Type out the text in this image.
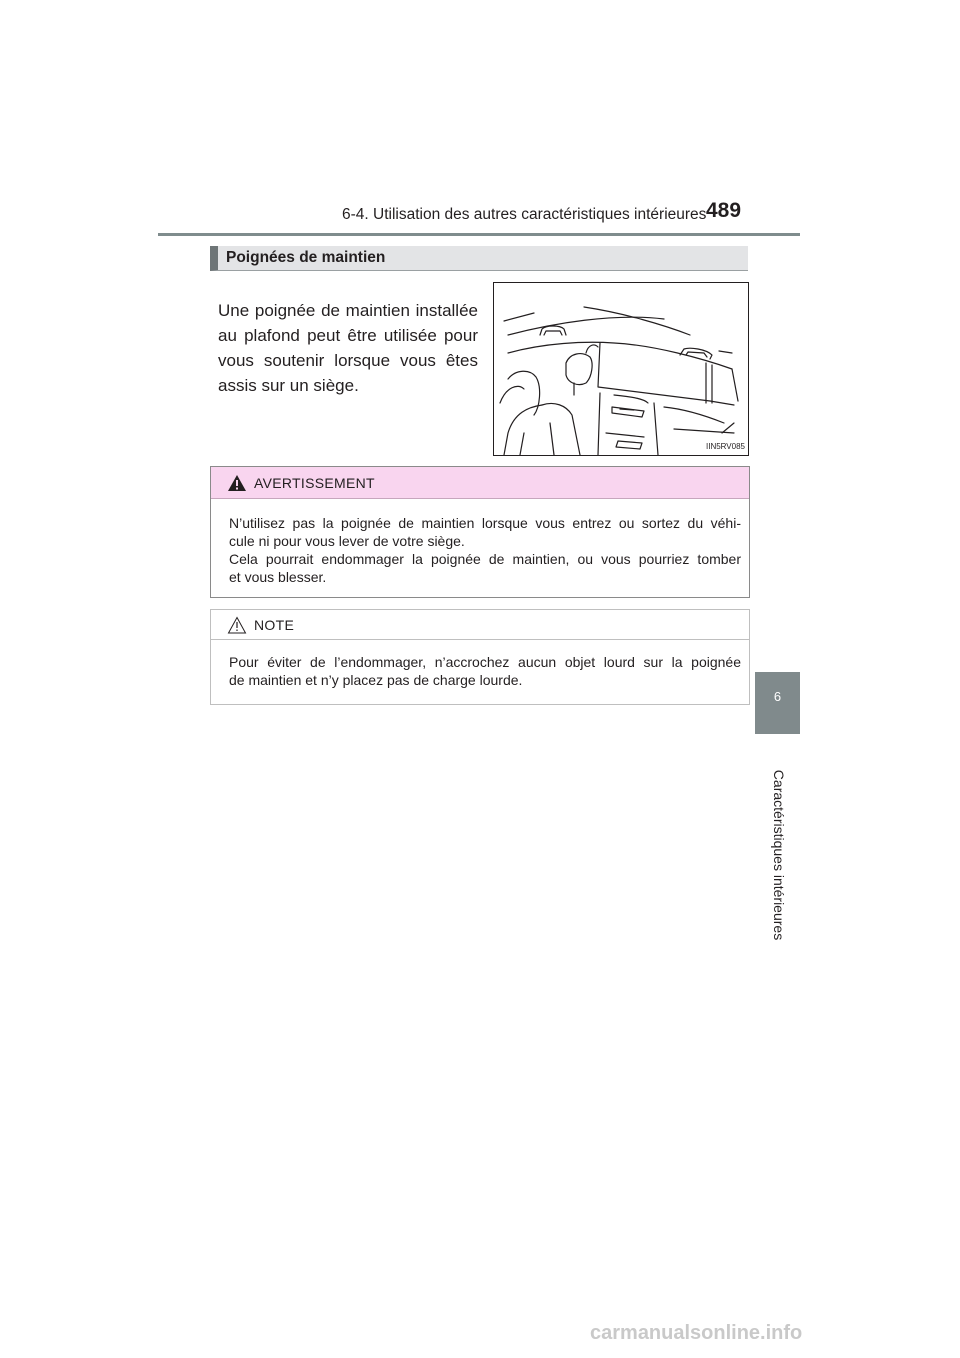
6-4. Utilisation des autres caractéristiques intérieures 489
6
Caractéristiques intérieures
Poignées de maintien
Une poignée de maintien installée au plafond peut être utilisée pour vous soutenir lorsque vous êtes assis sur un siège.
IIN5RV085
AVERTISSEMENT
N’utilisez pas la poignée de maintien lorsque vous entrez ou sortez du véhi-
cule ni pour vous lever de votre siège.
Cela pourrait endommager la poignée de maintien, ou vous pourriez tomber
et vous blesser.
NOTE
Pour éviter de l’endommager, n’accrochez aucun objet lourd sur la poignée
de maintien et n’y placez pas de charge lourde.
carmanualsonline.info
